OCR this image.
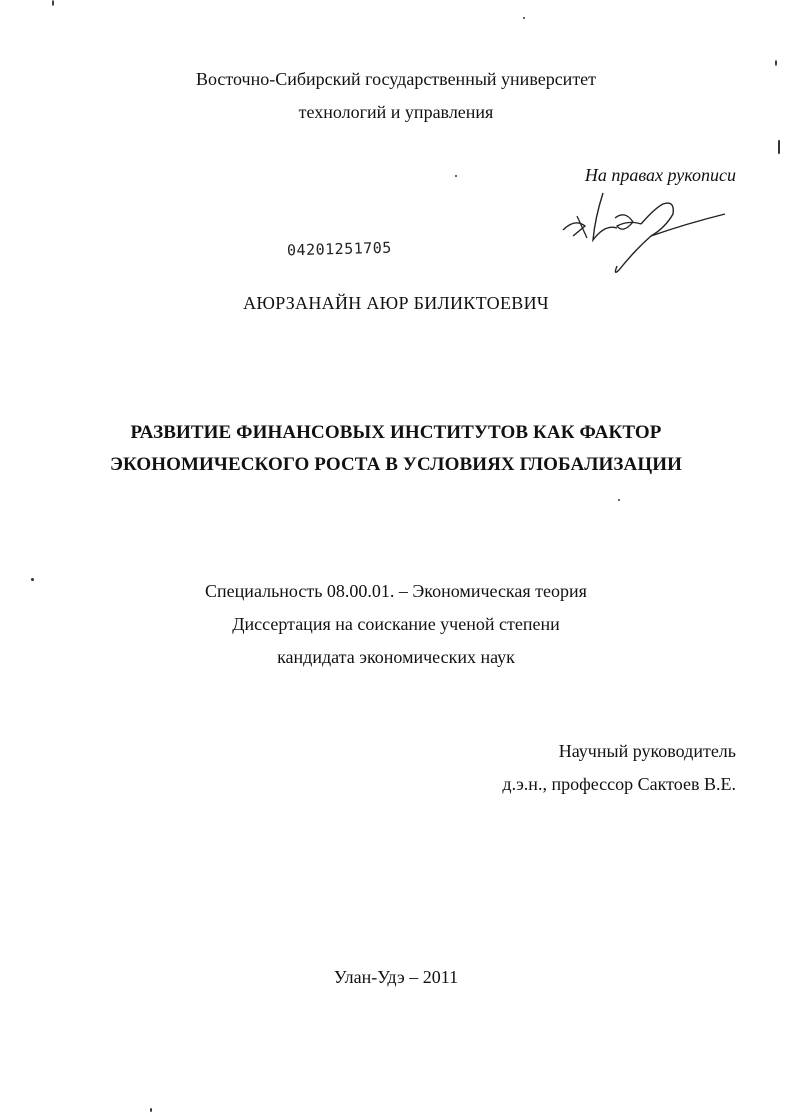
Восточно-Сибирский государственный университет
технологий и управления
На правах рукописи
04201251705
АЮРЗАНАЙН АЮР БИЛИКТОЕВИЧ
РАЗВИТИЕ ФИНАНСОВЫХ ИНСТИТУТОВ КАК ФАКТОР
ЭКОНОМИЧЕСКОГО РОСТА В УСЛОВИЯХ ГЛОБАЛИЗАЦИИ
Специальность 08.00.01. – Экономическая теория
Диссертация на соискание ученой степени
кандидата экономических наук
Научный руководитель
д.э.н., профессор Сактоев В.Е.
Улан-Удэ – 2011
